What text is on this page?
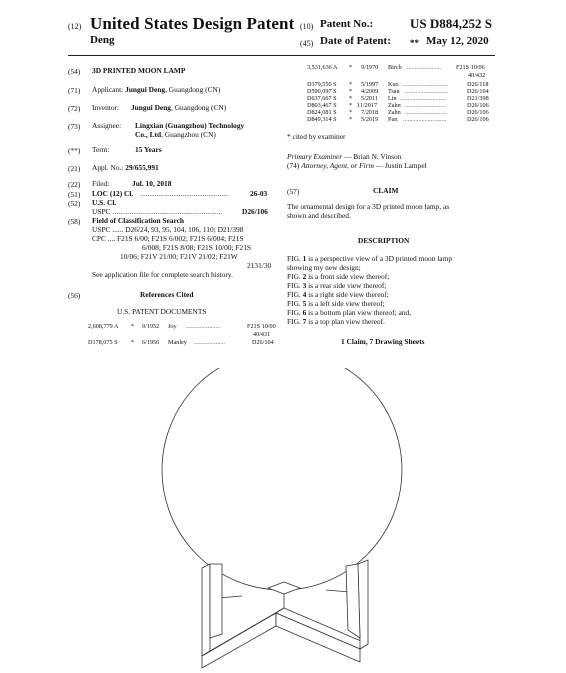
(12) United States Design Patent
Deng
(10) Patent No.:	US D884,252 S
(45) Date of Patent: ** May 12, 2020
(54) 3D PRINTED MOON LAMP
(71) Applicant: Jungui Deng, Guangdong (CN)
(72) Inventor: Jungui Deng, Guangdong (CN)
(73) Assignee: Lingxian (Guangzhou) Technology
Co., Ltd, Guangzhou (CN)
(**) Term:	15 Years
(21) Appl. No.: 29/655,991
(22) Filed:	Jul. 10, 2018
(51) LOC (12) Cl. ................................................	26-03
(52) U.S. Cl.
USPC ...........................................................	D26/106
(58) Field of Classification Search
USPC ...... D26/24, 93, 95, 104, 106, 110; D21/398
CPC .... F21S 6/00; F21S 6/002; F21S 6/004; F21S
6/008; F21S 8/08; F21S 10/00; F21S
10/06; F21V 21/00; F21V 21/02; F21W
2131/30
See application file for complete search history.
(56)	References Cited
U.S. PATENT DOCUMENTS
2,608,779 A * 9/1952 Joy ......................	F21S 10/00
40/431
D178,075 S * 6/1956 Manley ....................	D26/104
3,531,636 A * 9/1970 Birch ...................... F21S 10/06
40/432
D379,550 S * 5/1997 Kuo .............................	D26/118
D590,097 S * 4/2009 Tsan ............................	D26/104
D637,667 S * 5/2011 Lin ..............................	D21/398
D803,467 S * 11/2017 Zahn ..........................	D26/106
D824,081 S * 7/2018 Zahn ...........................	D26/106
D849,314 S * 5/2019 Pan ............................	D26/106
* cited by examiner
Primary Examiner — Brian N. Vinson
(74) Attorney, Agent, or Firm — Justin Lampel
(57)	CLAIM
The ornamental design for a 3D printed moon lamp, as
shown and described.
DESCRIPTION
FIG. 1 is a perspective view of a 3D printed moon lamp
showing my new design;
FIG. 2 is a front side view thereof;
FIG. 3 is a rear side view thereof;
FIG. 4 is a right side view thereof;
FIG. 5 is a left side view thereof;
FIG. 6 is a bottom plan view thereof; and,
FIG. 7 is a top plan view thereof.
1 Claim, 7 Drawing Sheets
